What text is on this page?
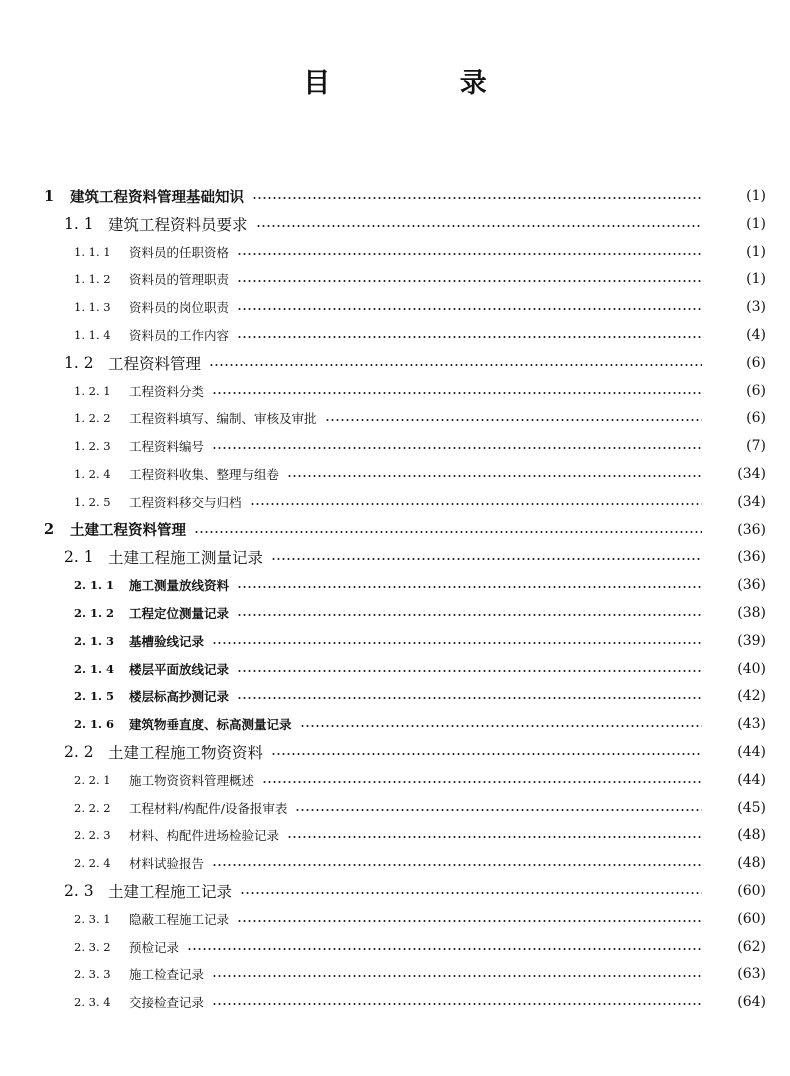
目 录
1	建筑工程资料管理基础知识	(1)
1. 1 建筑工程资料员要求	(1)
1. 1. 1	资料员的任职资格	(1)
1. 1. 2	资料员的管理职责	(1)
1. 1. 3	资料员的岗位职责	(3)
1. 1. 4	资料员的工作内容	(4)
1. 2 工程资料管理	(6)
1. 2. 1	工程资料分类	(6)
1. 2. 2	工程资料填写、编制、审核及审批	(6)
1. 2. 3	工程资料编号	(7)
1. 2. 4	工程资料收集、整理与组卷	(34)
1. 2. 5	工程资料移交与归档	(34)
2	土建工程资料管理	(36)
2. 1 土建工程施工测量记录	(36)
2. 1. 1	施工测量放线资料	(36)
2. 1. 2	工程定位测量记录	(38)
2. 1. 3	基槽验线记录	(39)
2. 1. 4	楼层平面放线记录	(40)
2. 1. 5	楼层标高抄测记录	(42)
2. 1. 6	建筑物垂直度、标高测量记录	(43)
2. 2 土建工程施工物资资料	(44)
2. 2. 1	施工物资资料管理概述	(44)
2. 2. 2	工程材料/构配件/设备报审表	(45)
2. 2. 3	材料、构配件进场检验记录	(48)
2. 2. 4	材料试验报告	(48)
2. 3 土建工程施工记录	(60)
2. 3. 1	隐蔽工程施工记录	(60)
2. 3. 2	预检记录	(62)
2. 3. 3	施工检查记录	(63)
2. 3. 4	交接检查记录	(64)
